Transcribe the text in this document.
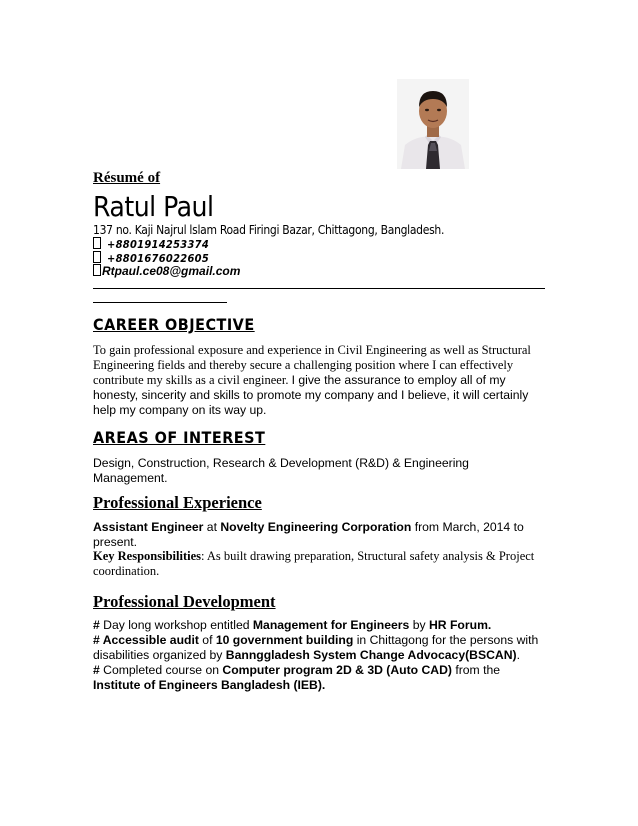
Résumé of
Ratul Paul
137 no. Kaji Najrul lslam Road Firingi Bazar, Chittagong, Bangladesh.
+8801914253374
+8801676022605
Rtpaul.ce08@gmail.com
CAREER OBJECTIVE
To gain professional exposure and experience in Civil Engineering as well as Structural Engineering fields and thereby secure a challenging position where I can effectively contribute my skills as a civil engineer. I give the assurance to employ all of my honesty, sincerity and skills to promote my company and I believe, it will certainly help my company on its way up.
AREAS OF INTEREST
Design, Construction, Research & Development (R&D) & Engineering Management.
Professional Experience
Assistant Engineer at Novelty Engineering Corporation from March, 2014 to present.
Key Responsibilities: As built drawing preparation, Structural safety analysis & Project coordination.
Professional Development
# Day long workshop entitled Management for Engineers by HR Forum.
# Accessible audit of 10 government building in Chittagong for the persons with disabilities organized by Bannggladesh System Change Advocacy(BSCAN).
# Completed course on Computer program 2D & 3D (Auto CAD) from the Institute of Engineers Bangladesh (IEB).
